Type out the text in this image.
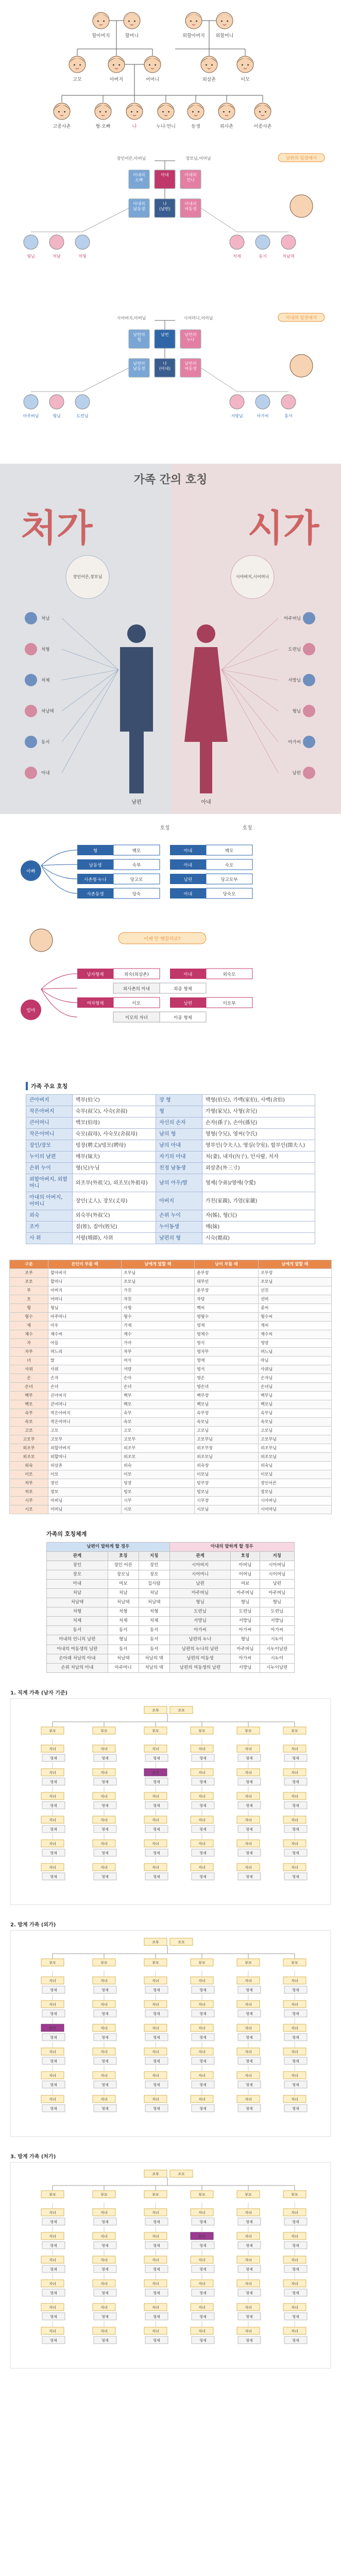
할아버지	할머니	외할아버지 외할머니
고모	아버지	어머니	외삼촌	이모
고종사촌	형·오빠	나	누나·언니	동생	외사촌	이종사촌
남편의 입장에서
장인어른,아버님	장모님,어머님
아내
아내의
오빠
아내의
언니
나
(남편)
아내의
남동생
아내의
여동생
형님	처남	처형	처제	동서	처남댁
아내의 입장에서
시아버지,아버님	시어머니,어머님
남편
남편의
형
남편의
누나
나
(아내)
남편의
남동생
남편의
여동생
아주버님	형님	도련님	서방님	아가씨	동서
가족 간의 호칭
처가	시가
남편	아내
장인어른,장모님	시아버지,시어머니
처남
처형
처제
처남댁
동서
아내
아주버님
도련님
서방님
형님
아가씨
남편
호칭	호칭
아빠
엄마
이제 안 헷갈리죠?
형	백모	아내	백모
남동생	숙부	아내	숙모
사촌형·누나	당고모	남편	당고모부
사촌동생	당숙	아내	당숙모
남자형제	외숙(외삼촌)	아내	외숙모
외사촌의 아내	외종 형제
여자형제	이모	남편	이모부
이모의 자녀	이종 형제
가족 주요 호칭
큰아버지	백부(伯父)	장 형	백형(伯兄), 가백(家伯), 사백(舍伯)
작은아버지	숙부(叔父), 사숙(舍叔)	형	가형(家兄), 사형(舍兄)
큰어머니	백모(伯母)	자신의 손자	손자(孫子), 손아(孫兒)
작은어머니	숙모(叔母), 사숙모(舍叔母)	남의 형	영형(令兄), 영씨(令氏)
장인/장모	빙장(聘丈)/빙모(聘母)	남의 아내	영부인(令夫人), 영실(令室), 합부인(閤夫人)
누이의 남편	매부(妹夫)	자기의 아내	처(妻), 내자(內子), 안사람, 처자
손위 누이	형(兄)누님	친정 남동생	외삼촌(外三寸)
외할아버지, 외할머니	외조부(外祖父), 외조모(外祖母)	남의 아우/딸	영제(令弟)/영애(令愛)
아내의 아버지, 어머니	장인(丈人), 장모(丈母)	아버지	가친(家親), 가엄(家嚴)
외숙	외숙부(外叔父)	손위 누이	자(姊), 형(兄)
조카	질(姪), 질아(姪兒)	누이동생	매(妹)
사 위	서랑(壻郞), 사위	남편의 형	시숙(媤叔)
구분	본인이 부를 때	남에게 말할 때	남이 부를 때	남에게 말할 때
조부	할아버지	조부님	춘부장	조부장
조모	할머니	조모님	대부인	조모님
부	아버지	가친	춘부장	선친
모	어머니	자친	자당	선비
형	형님	사형	백씨	중씨
형수	아주머니	형수	영형수	형수씨
제	아우	가제	영제	계씨
제수	제수씨	제수	영제수	제수씨
자	아들	가아	영식	영랑
자부	며느리	자부	영자부	며느님
녀	딸	여식	영애	따님
사위	사위	서랑	영서	사위님
손	손자	손아	영손	손자님
손녀	손녀	손녀	영손녀	손녀님
백부	큰아버지	백부	백부장	백부님
백모	큰어머니	백모	백모님	백모님
숙부	작은아버지	숙부	숙부장	숙부님
숙모	작은어머니	숙모	숙모님	숙모님
고모	고모	고모	고모님	고모님
고모부	고모부	고모부	고모부님	고모부님
외조부	외할아버지	외조부	외조부장	외조부님
외조모	외할머니	외조모	외조모님	외조모님
외숙	외삼촌	외숙	외숙장	외숙님
이모	이모	이모	이모님	이모님
처부	장인	빙장	빙부장	장인어른
처모	장모	빙모	빙모님	장모님
시부	아버님	시부	시부장	시아버님
시모	어머님	시모	시모님	시어머님
가족의 호칭체계
남편이 말하게 할 경우			아내의 말하게 할 경우		
관계	호칭	지칭	관계	호칭	지칭
장인	장인 어른	장인	시아버지	아버님	시아버님
장모	장모님	장모	시어머니	어머님	시어머님
아내	여보	집사람	남편	여보	남편
처남	처남	처남	아주버님	아주버님	아주버님
처남댁	처남댁	처남댁	형님	형님	형님
처형	처형	처형	도련님	도련님	도련님
처제	처제	처제	서방님	서방님	서방님
동서	동서	동서	아가씨	아가씨	아가씨
아내의 언니의 남편	형님	동서	남편의 누나	형님	시누이
아내의 여동생의 남편	동서	동서	남편의 누나의 남편	아주버님	시누이남편
손아래 처남의 아내	처남댁	처남의 댁	남편의 여동생	아가씨	시누이
손위 처남의 아내	아주머니	처남의 댁	남편의 여동생의 남편	서방님	시누이남편
1. 직계 가족 (남자 기준)
조부	조모
부모
자녀
형제
자녀
형제
자녀
형제
자녀
형제
자녀
형제
자녀
형제
부모
자녀
형제
자녀
형제
자녀
형제
자녀
형제
자녀
형제
자녀
형제
부모
자녀
형제
본인
형제
자녀
형제
자녀
형제
자녀
형제
자녀
형제
부모
자녀
형제
자녀
형제
자녀
형제
자녀
형제
자녀
형제
자녀
형제
부모
자녀
형제
자녀
형제
자녀
형제
자녀
형제
자녀
형제
자녀
형제
부모
자녀
형제
자녀
형제
자녀
형제
자녀
형제
자녀
형제
자녀
형제
2. 방계 가족 (외가)
조부	조모
부모
자녀
형제
자녀
형제
본인
형제
자녀
형제
자녀
형제
자녀
형제
부모
자녀
형제
자녀
형제
자녀
형제
자녀
형제
자녀
형제
자녀
형제
부모
자녀
형제
자녀
형제
자녀
형제
자녀
형제
자녀
형제
자녀
형제
부모
자녀
형제
자녀
형제
자녀
형제
자녀
형제
자녀
형제
자녀
형제
부모
자녀
형제
자녀
형제
자녀
형제
자녀
형제
자녀
형제
자녀
형제
부모
자녀
형제
자녀
형제
자녀
형제
자녀
형제
자녀
형제
자녀
형제
3. 방계 가족 (처가)
조부	조모
부모
자녀
형제
자녀
형제
자녀
형제
자녀
형제
자녀
형제
자녀
형제
부모
자녀
형제
자녀
형제
자녀
형제
자녀
형제
자녀
형제
자녀
형제
부모
자녀
형제
자녀
형제
자녀
형제
자녀
형제
자녀
형제
자녀
형제
부모
자녀
형제
본인
형제
자녀
형제
자녀
형제
자녀
형제
자녀
형제
부모
자녀
형제
자녀
형제
자녀
형제
자녀
형제
자녀
형제
자녀
형제
부모
자녀
형제
자녀
형제
자녀
형제
자녀
형제
자녀
형제
자녀
형제
